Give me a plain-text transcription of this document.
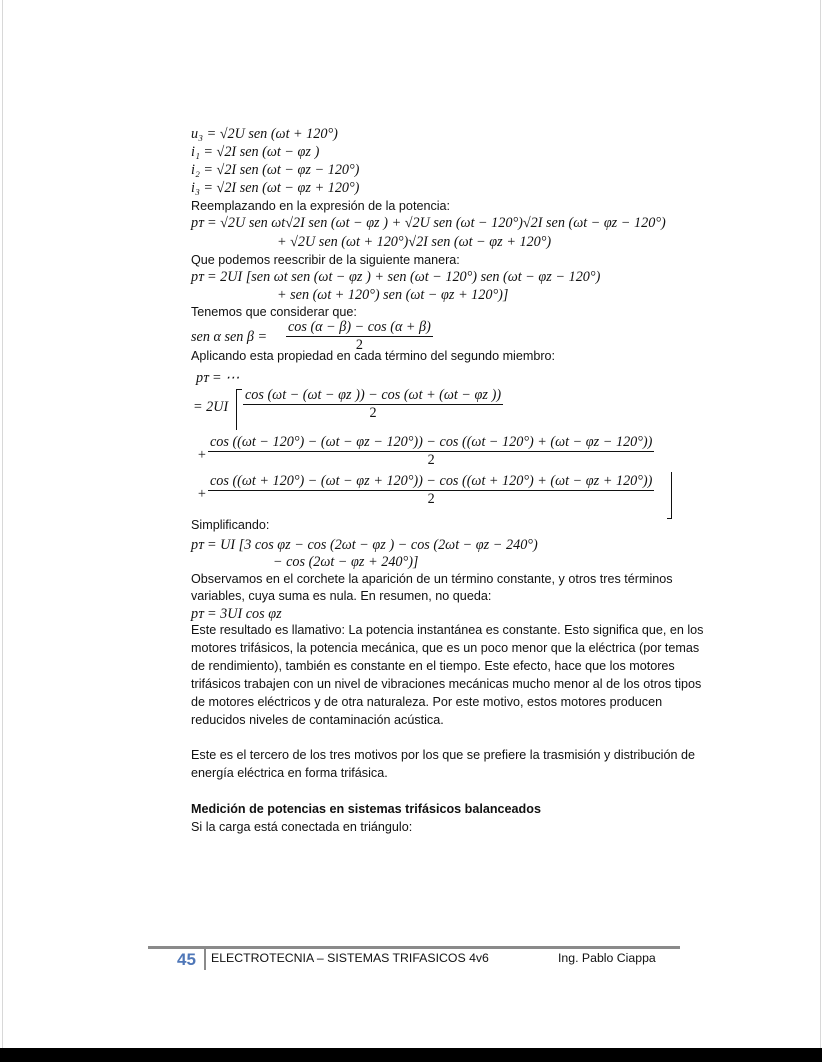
u₃ = √2U sen (ωt + 120°)
i₁ = √2I sen (ωt − φᴢ )
i₂ = √2I sen (ωt − φᴢ − 120°)
i₃ = √2I sen (ωt − φᴢ + 120°)
Reemplazando en la expresión de la potencia:
pᴛ = √2U sen ωt√2I sen (ωt − φᴢ ) + √2U sen (ωt − 120°)√2I sen (ωt − φᴢ − 120°)
+ √2U sen (ωt + 120°)√2I sen (ωt − φᴢ + 120°)
Que podemos reescribir de la siguiente manera:
pᴛ = 2UI [sen ωt sen (ωt − φᴢ ) + sen (ωt − 120°) sen (ωt − φᴢ − 120°)
+ sen (ωt + 120°) sen (ωt − φᴢ + 120°)]
Tenemos que considerar que:
sen α sen $\beta = \frac{\cos (\alpha - \beta) - \cos (\alpha + \beta)}{2}$
Aplicando esta propiedad en cada término del segundo miembro:
pᴛ = ⋯
= $2UI \frac{\text{cos (ωt − (ωt − φᴢ )) − cos (ωt + (ωt − φᴢ ))}}{2}$
+
cos ((ωt − 120°) − (ωt − φᴢ − 120°)) − cos ((ωt − 120°) + (ωt − φᴢ − 120°))
2
+
cos ((ωt + 120°) − (ωt − φᴢ + 120°)) − cos ((ωt + 120°) + (ωt − φᴢ + 120°))
2
Simplificando:
pᴛ = UI [3 cos φᴢ − cos (2ωt − φᴢ ) − cos (2ωt − φᴢ − 240°)
− cos (2ωt − φᴢ + 240°)]
Observamos en el corchete la aparición de un término constante, y otros tres términos
variables, cuya suma es nula. En resumen, no queda:
pᴛ = 3UI cos φᴢ
Este resultado es llamativo: La potencia instantánea es constante. Esto significa que, en los
motores trifásicos, la potencia mecánica, que es un poco menor que la eléctrica (por temas
de rendimiento), también es constante en el tiempo. Este efecto, hace que los motores
trifásicos trabajen con un nivel de vibraciones mecánicas mucho menor al de los otros tipos
de motores eléctricos y de otra naturaleza. Por este motivo, estos motores producen
reducidos niveles de contaminación acústica.
Este es el tercero de los tres motivos por los que se prefiere la trasmisión y distribución de
energía eléctrica en forma trifásica.
Medición de potencias en sistemas trifásicos balanceados
Si la carga está conectada en triángulo:
45 ELECTROTECNIA – SISTEMAS TRIFASICOS 4v6	Ing. Pablo Ciappa
